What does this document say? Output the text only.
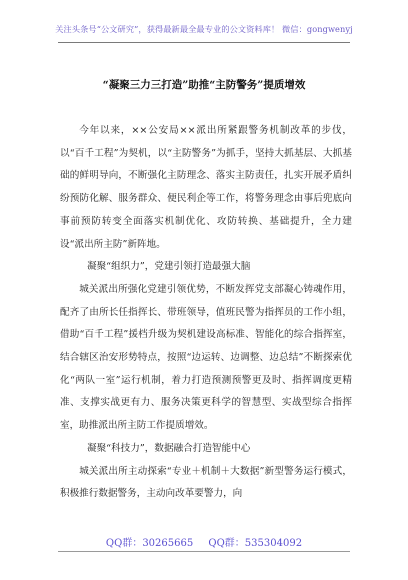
关注头条号“公文研究”，获得最新最全最专业的公文资料库！ 微信：gongwenyj
“凝聚三力三打造”助推“主防警务”提质增效

今年以来，××公安局××派出所紧跟警务机制改革的步伐，以“百千工程”为契机，以“主防警务”为抓手，坚持大抓基层、大抓基础的鲜明导向，不断强化主防理念、落实主防责任，扎实开展矛盾纠纷预防化解、服务群众、便民利企等工作，将警务理念由事后兜底向事前预防转变全面落实机制优化、攻防转换、基础提升，全力建设“派出所主防”新阵地。

凝聚“组织力”，党建引领打造最强大脑

城关派出所强化党建引领优势，不断发挥党支部凝心铸魂作用，配齐了由所长任指挥长、带班领导，值班民警为指挥员的工作小组，借助“百千工程”援档升级为契机建设高标准、智能化的综合指挥室，结合辖区治安形势特点，按照“边运转、边调整、边总结”不断探索优化“两队一室”运行机制，着力打造预测预警更及时、指挥调度更精准、支撑实战更有力、服务决策更科学的智慧型、实战型综合指挥室，助推派出所主防工作提质增效。

凝聚“科技力”，数据融合打造智能中心

城关派出所主动探索“专业＋机制＋大数据”新型警务运行模式，积极推行数据警务，主动向改革要警力，向

QQ群：30265665 QQ群：535304092
